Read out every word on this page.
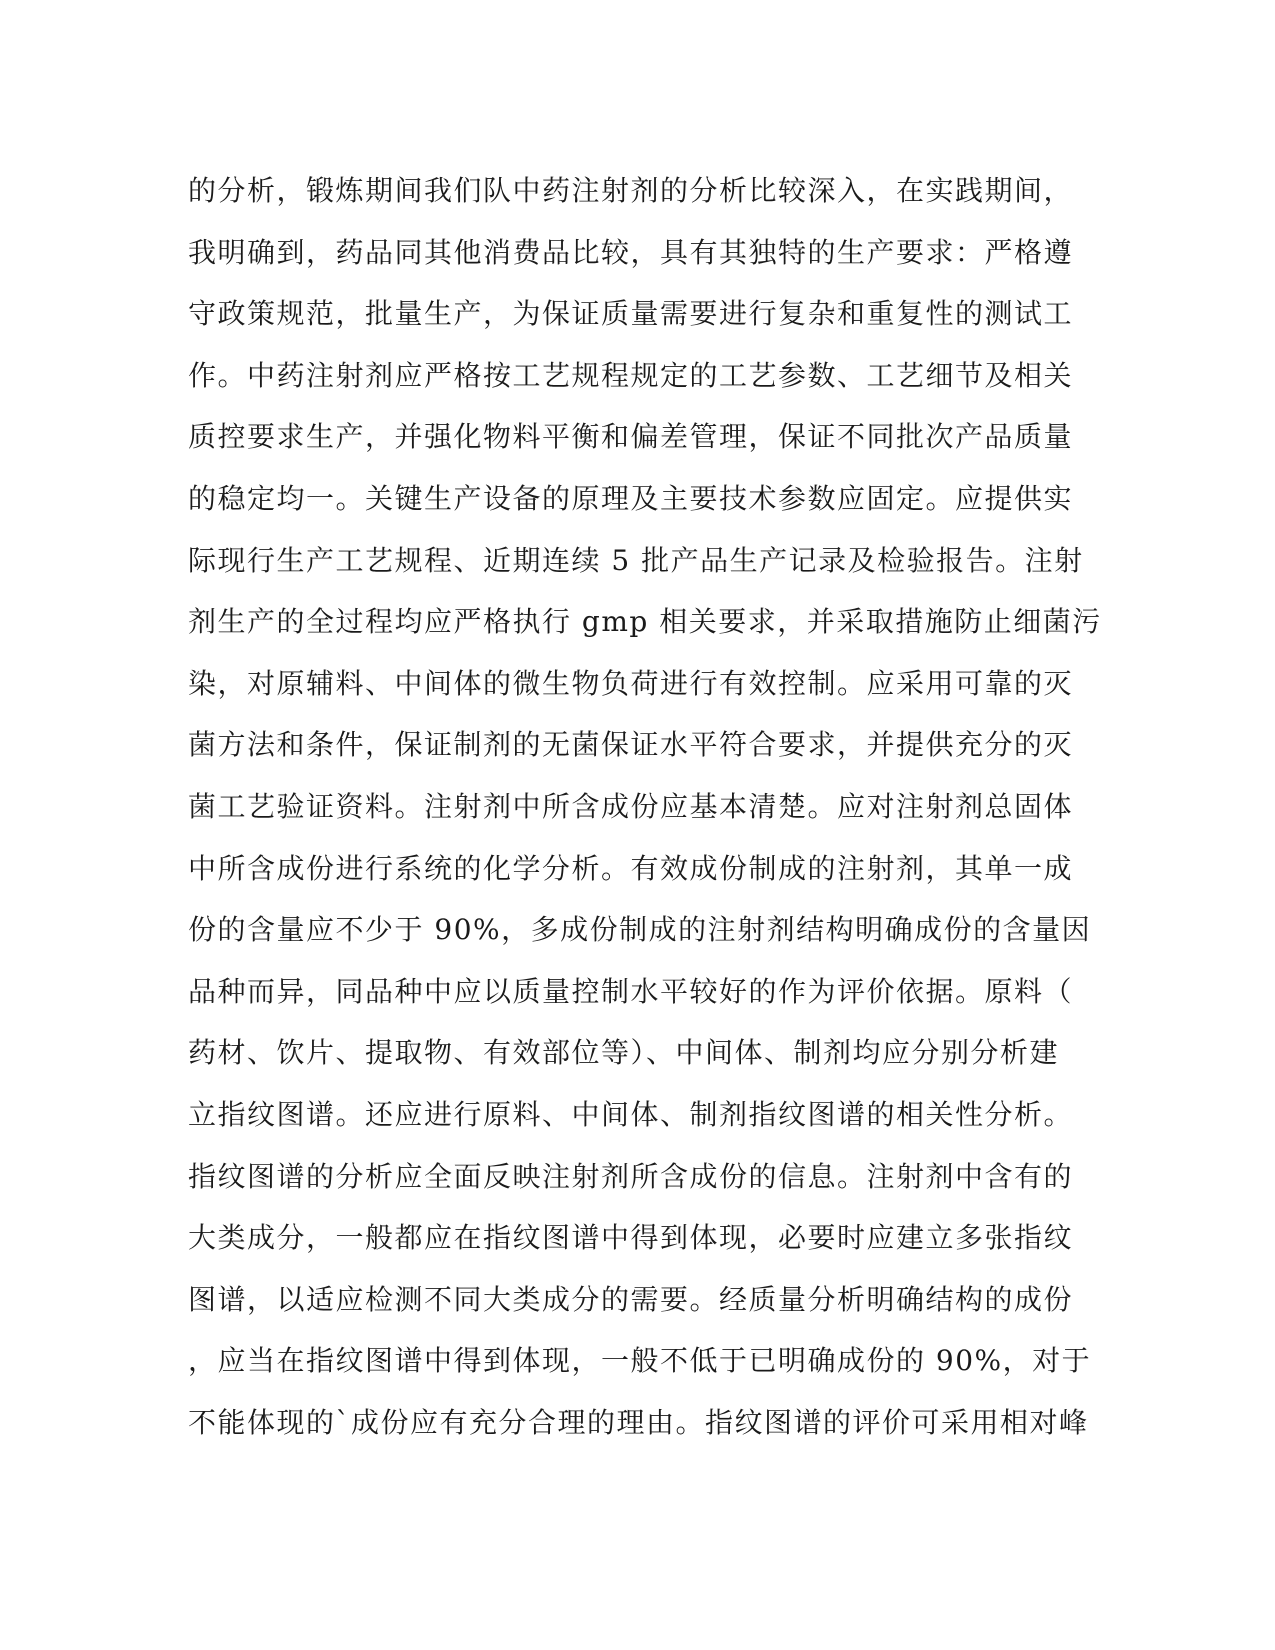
的分析，锻炼期间我们队中药注射剂的分析比较深入，在实践期间，
我明确到，药品同其他消费品比较，具有其独特的生产要求：严格遵
守政策规范，批量生产，为保证质量需要进行复杂和重复性的测试工
作。中药注射剂应严格按工艺规程规定的工艺参数、工艺细节及相关
质控要求生产，并强化物料平衡和偏差管理，保证不同批次产品质量
的稳定均一。关键生产设备的原理及主要技术参数应固定。应提供实
际现行生产工艺规程、近期连续 5 批产品生产记录及检验报告。注射
剂生产的全过程均应严格执行 gmp 相关要求，并采取措施防止细菌污
染，对原辅料、中间体的微生物负荷进行有效控制。应采用可靠的灭
菌方法和条件，保证制剂的无菌保证水平符合要求，并提供充分的灭
菌工艺验证资料。注射剂中所含成份应基本清楚。应对注射剂总固体
中所含成份进行系统的化学分析。有效成份制成的注射剂，其单一成
份的含量应不少于 90%，多成份制成的注射剂结构明确成份的含量因
品种而异，同品种中应以质量控制水平较好的作为评价依据。原料（
药材、饮片、提取物、有效部位等）、中间体、制剂均应分别分析建
立指纹图谱。还应进行原料、中间体、制剂指纹图谱的相关性分析。
指纹图谱的分析应全面反映注射剂所含成份的信息。注射剂中含有的
大类成分，一般都应在指纹图谱中得到体现，必要时应建立多张指纹
图谱，以适应检测不同大类成分的需要。经质量分析明确结构的成份
，应当在指纹图谱中得到体现，一般不低于已明确成份的 90%，对于
不能体现的`成份应有充分合理的理由。指纹图谱的评价可采用相对峰
